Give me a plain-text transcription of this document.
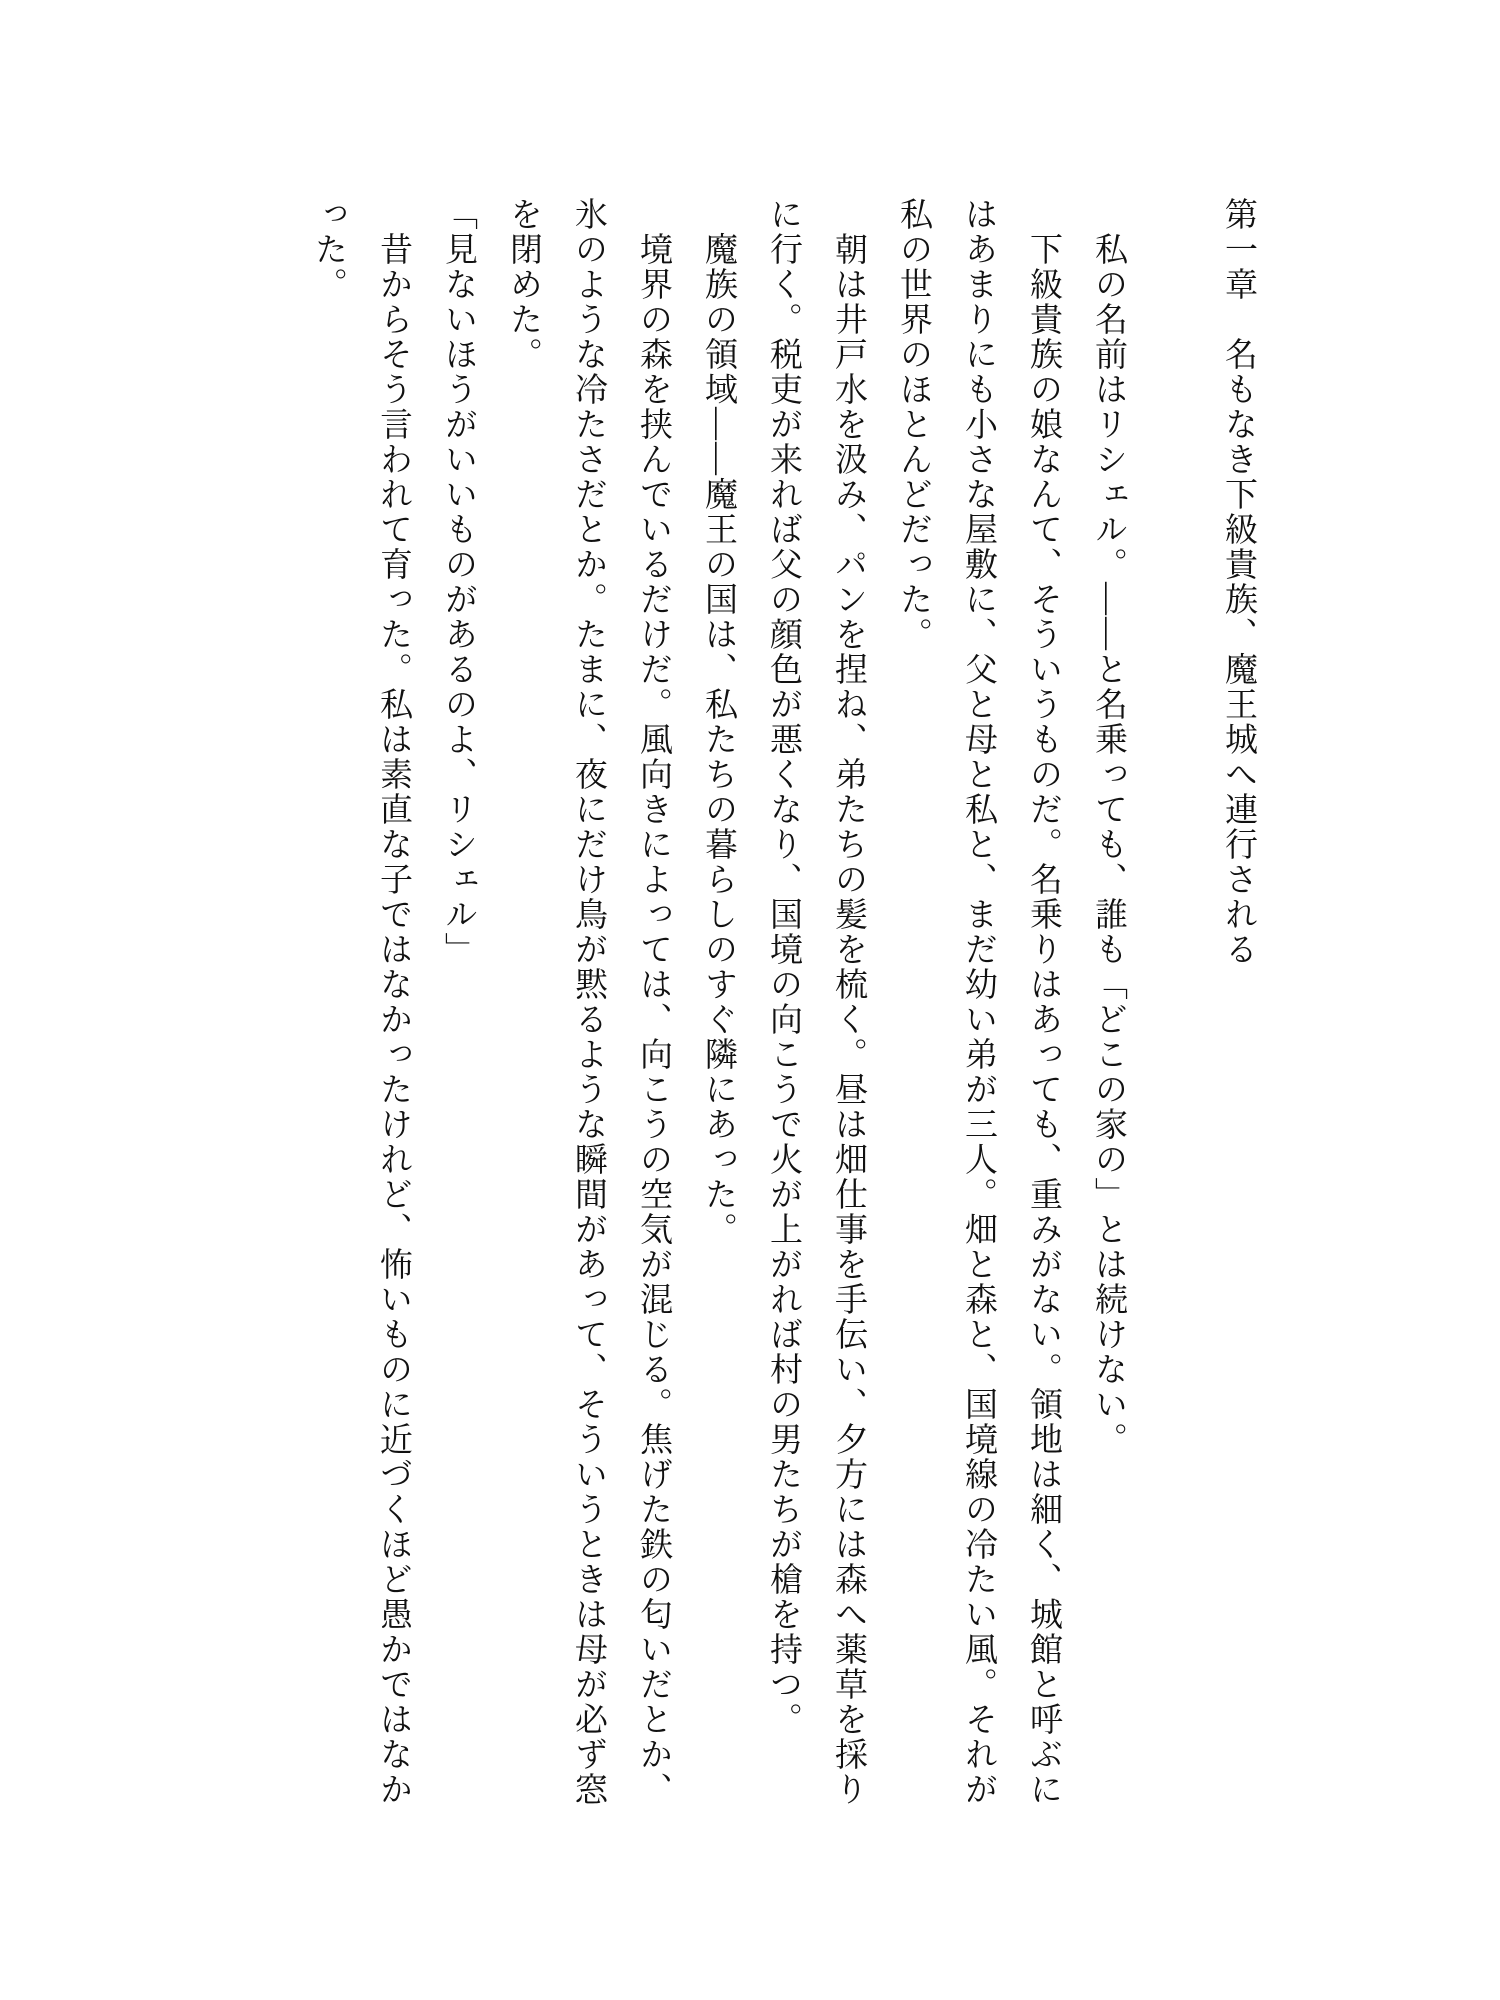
第一章　名もなき下級貴族、魔王城へ連行される

私の名前はリシェル。――と名乗っても、誰も「どこの家の」とは続けない。

下級貴族の娘なんて、そういうものだ。名乗りはあっても、重みがない。領地は細く、城館と呼ぶにはあまりにも小さな屋敷に、父と母と私と、まだ幼い弟が三人。畑と森と、国境線の冷たい風。それが私の世界のほとんどだった。

朝は井戸水を汲み、パンを捏ね、弟たちの髪を梳く。昼は畑仕事を手伝い、夕方には森へ薬草を採りに行く。税吏が来れば父の顔色が悪くなり、国境の向こうで火が上がれば村の男たちが槍を持つ。

魔族の領域――魔王の国は、私たちの暮らしのすぐ隣にあった。

境界の森を挟んでいるだけだ。風向きによっては、向こうの空気が混じる。焦げた鉄の匂いだとか、氷のような冷たさだとか。たまに、夜にだけ鳥が黙るような瞬間があって、そういうときは母が必ず窓を閉めた。

「見ないほうがいいものがあるのよ、リシェル」

昔からそう言われて育った。私は素直な子ではなかったけれど、怖いものに近づくほど愚かではなかった。
